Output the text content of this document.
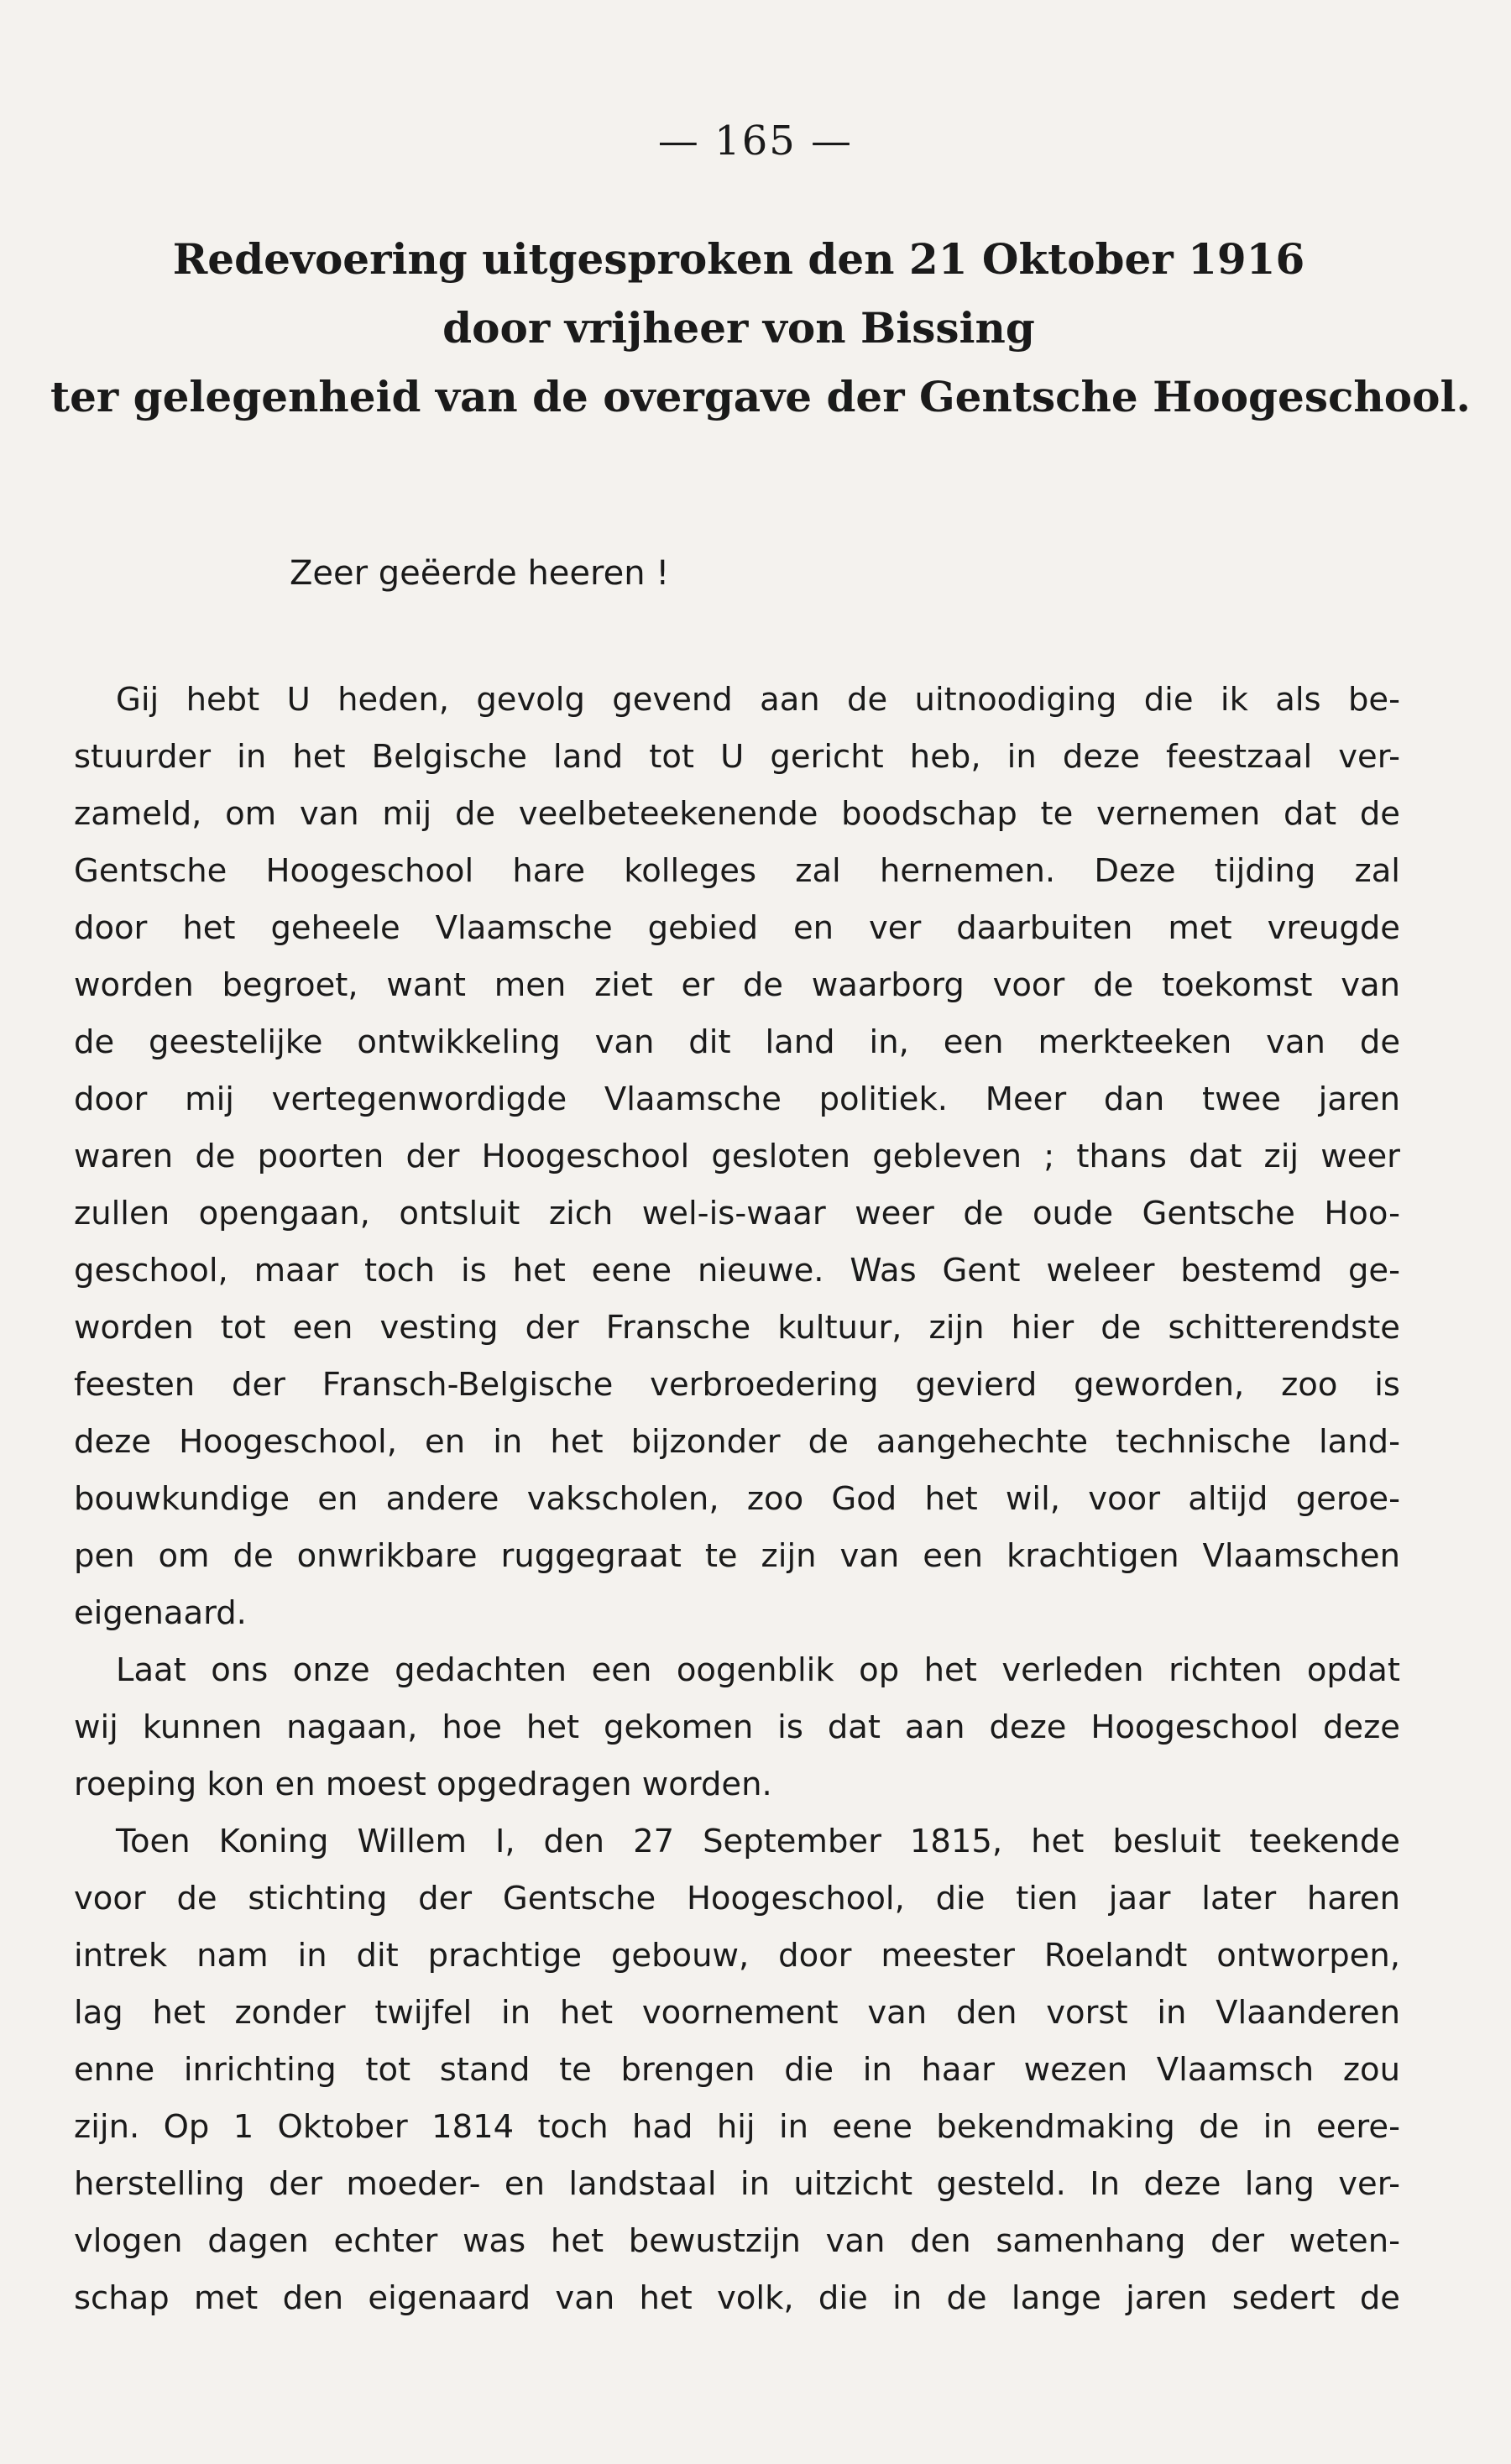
— 165 —
Redevoering uitgesproken den 21 Oktober 1916
door vrijheer von Bissing
ter gelegenheid van de overgave der Gentsche Hoogeschool.
Zeer geëerde heeren !
Gij hebt U heden, gevolg gevend aan de uitnoodiging die ik als be-
stuurder in het Belgische land tot U gericht heb, in deze feestzaal ver-
zameld, om van mij de veelbeteekenende boodschap te vernemen dat de
Gentsche Hoogeschool hare kolleges zal hernemen. Deze tijding zal
door het geheele Vlaamsche gebied en ver daarbuiten met vreugde
worden begroet, want men ziet er de waarborg voor de toekomst van
de geestelijke ontwikkeling van dit land in, een merkteeken van de
door mij vertegenwordigde Vlaamsche politiek. Meer dan twee jaren
waren de poorten der Hoogeschool gesloten gebleven ; thans dat zij weer
zullen opengaan, ontsluit zich wel-is-waar weer de oude Gentsche Hoo-
geschool, maar toch is het eene nieuwe. Was Gent weleer bestemd ge-
worden tot een vesting der Fransche kultuur, zijn hier de schitterendste
feesten der Fransch-Belgische verbroedering gevierd geworden, zoo is
deze Hoogeschool, en in het bijzonder de aangehechte technische land-
bouwkundige en andere vakscholen, zoo God het wil, voor altijd geroe-
pen om de onwrikbare ruggegraat te zijn van een krachtigen Vlaamschen
eigenaard.
Laat ons onze gedachten een oogenblik op het verleden richten opdat
wij kunnen nagaan, hoe het gekomen is dat aan deze Hoogeschool deze
roeping kon en moest opgedragen worden.
Toen Koning Willem I, den 27 September 1815, het besluit teekende
voor de stichting der Gentsche Hoogeschool, die tien jaar later haren
intrek nam in dit prachtige gebouw, door meester Roelandt ontworpen,
lag het zonder twijfel in het voornement van den vorst in Vlaanderen
enne inrichting tot stand te brengen die in haar wezen Vlaamsch zou
zijn. Op 1 Oktober 1814 toch had hij in eene bekendmaking de in eere-
herstelling der moeder- en landstaal in uitzicht gesteld. In deze lang ver-
vlogen dagen echter was het bewustzijn van den samenhang der weten-
schap met den eigenaard van het volk, die in de lange jaren sedert de
